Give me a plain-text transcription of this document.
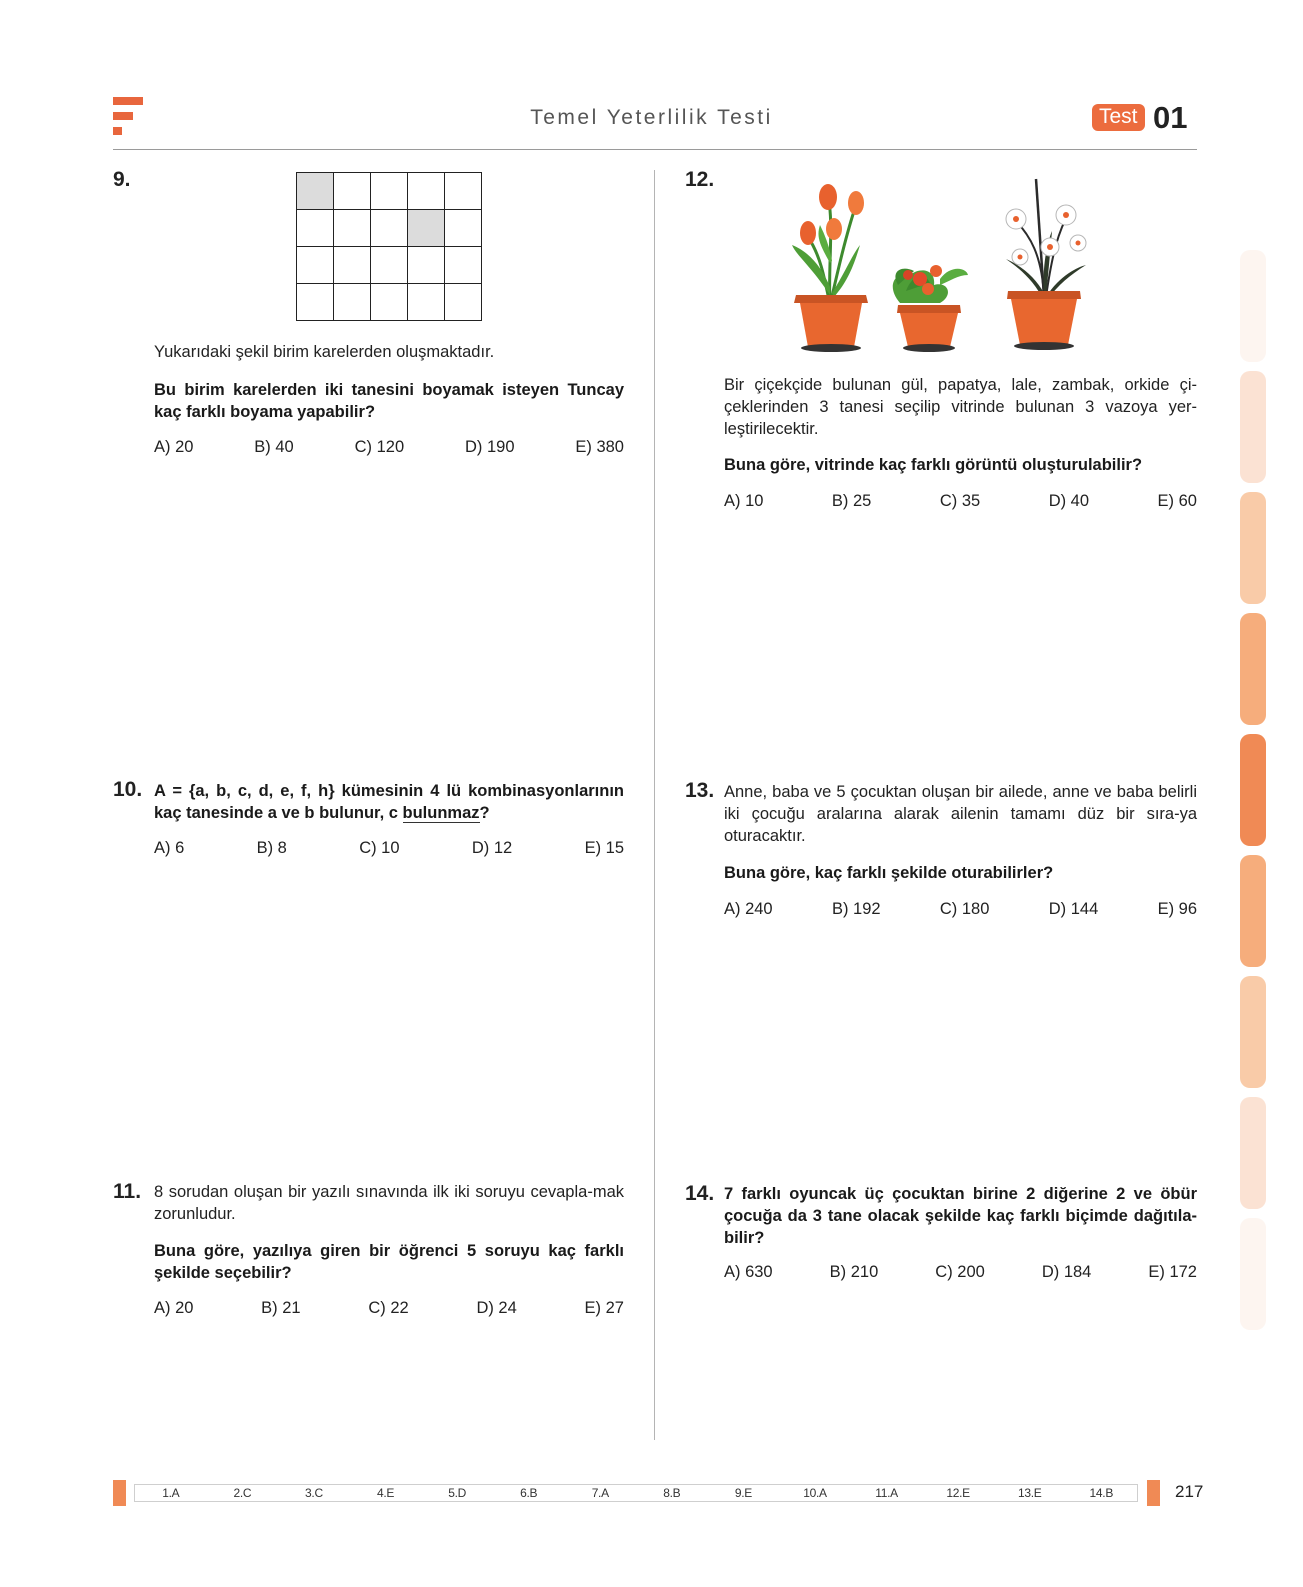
Temel Yeterlilik Testi	Test 01
9.
Yukarıdaki şekil birim karelerden oluşmaktadır.
Bu birim karelerden iki tanesini boyamak isteyen Tuncay kaç farklı boyama yapabilir?
A) 20	B) 40	C) 120	D) 190	E) 380
10. A = {a, b, c, d, e, f, h} kümesinin 4 lü kombinasyonlarının kaç tanesinde a ve b bulunur, c bulunmaz?
A) 6	B) 8	C) 10	D) 12	E) 15
11. 8 sorudan oluşan bir yazılı sınavında ilk iki soruyu cevapla-mak zorunludur.
Buna göre, yazılıya giren bir öğrenci 5 soruyu kaç farklı şekilde seçebilir?
A) 20	B) 21	C) 22	D) 24	E) 27
12.
Bir çiçekçide bulunan gül, papatya, lale, zambak, orkide çi-çeklerinden 3 tanesi seçilip vitrinde bulunan 3 vazoya yer-leştirilecektir.
Buna göre, vitrinde kaç farklı görüntü oluşturulabilir?
A) 10	B) 25	C) 35	D) 40	E) 60
13. Anne, baba ve 5 çocuktan oluşan bir ailede, anne ve baba belirli iki çocuğu aralarına alarak ailenin tamamı düz bir sıra-ya oturacaktır.
Buna göre, kaç farklı şekilde oturabilirler?
A) 240	B) 192	C) 180	D) 144	E) 96
14. 7 farklı oyuncak üç çocuktan birine 2 diğerine 2 ve öbür çocuğa da 3 tane olacak şekilde kaç farklı biçimde dağıtıla-bilir?
A) 630	B) 210	C) 200	D) 184	E) 172
1.A	2.C	3.C	4.E	5.D	6.B	7.A	8.B	9.E	10.A	11.A	12.E	13.E	14.B	217
